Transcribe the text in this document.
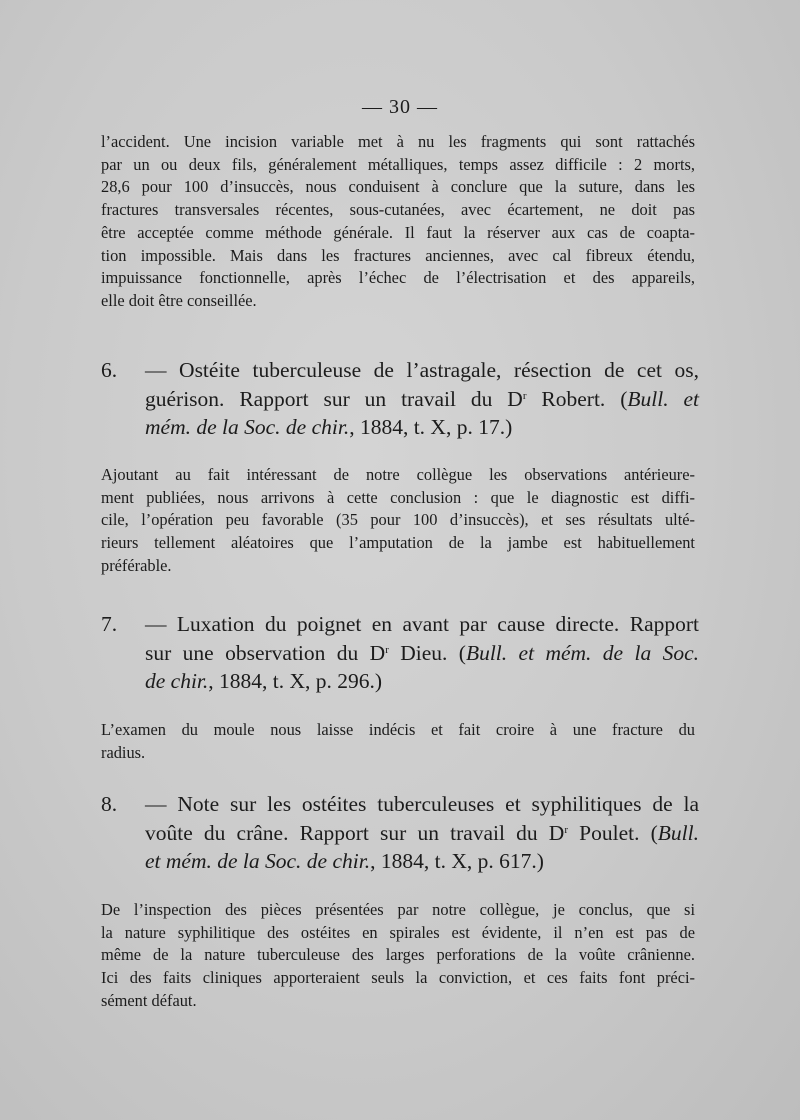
— 30 —

l’accident. Une incision variable met à nu les fragments qui sont rattachés
par un ou deux fils, généralement métalliques, temps assez difficile : 2 morts,
28,6 pour 100 d’insuccès, nous conduisent à conclure que la suture, dans les
fractures transversales récentes, sous-cutanées, avec écartement, ne doit pas
être acceptée comme méthode générale. Il faut la réserver aux cas de coapta-
tion impossible. Mais dans les fractures anciennes, avec cal fibreux étendu,
impuissance fonctionnelle, après l’échec de l’électrisation et des appareils,
elle doit être conseillée.

6. — Ostéite tuberculeuse de l’astragale, résection de cet os,
guérison. Rapport sur un travail du $D^r$ Robert. (Bull. et
mém. de la Soc. de chir., 1884, t. X, p. 17.)

Ajoutant au fait intéressant de notre collègue les observations antérieure-
ment publiées, nous arrivons à cette conclusion : que le diagnostic est diffi-
cile, l’opération peu favorable (35 pour 100 d’insuccès), et ses résultats ulté-
rieurs tellement aléatoires que l’amputation de la jambe est habituellement
préférable.

7. — Luxation du poignet en avant par cause directe. Rapport
sur une observation du $D^r$ Dieu. (Bull. et mém. de la Soc.
de chir., 1884, t. X, p. 296.)

L’examen du moule nous laisse indécis et fait croire à une fracture du
radius.

8. — Note sur les ostéites tuberculeuses et syphilitiques de la
voûte du crâne. Rapport sur un travail du $D^r$ Poulet. (Bull.
et mém. de la Soc. de chir., 1884, t. X, p. 617.)

De l’inspection des pièces présentées par notre collègue, je conclus, que si
la nature syphilitique des ostéites en spirales est évidente, il n’en est pas de
même de la nature tuberculeuse des larges perforations de la voûte crânienne.
Ici des faits cliniques apporteraient seuls la conviction, et ces faits font préci-
sément défaut.
